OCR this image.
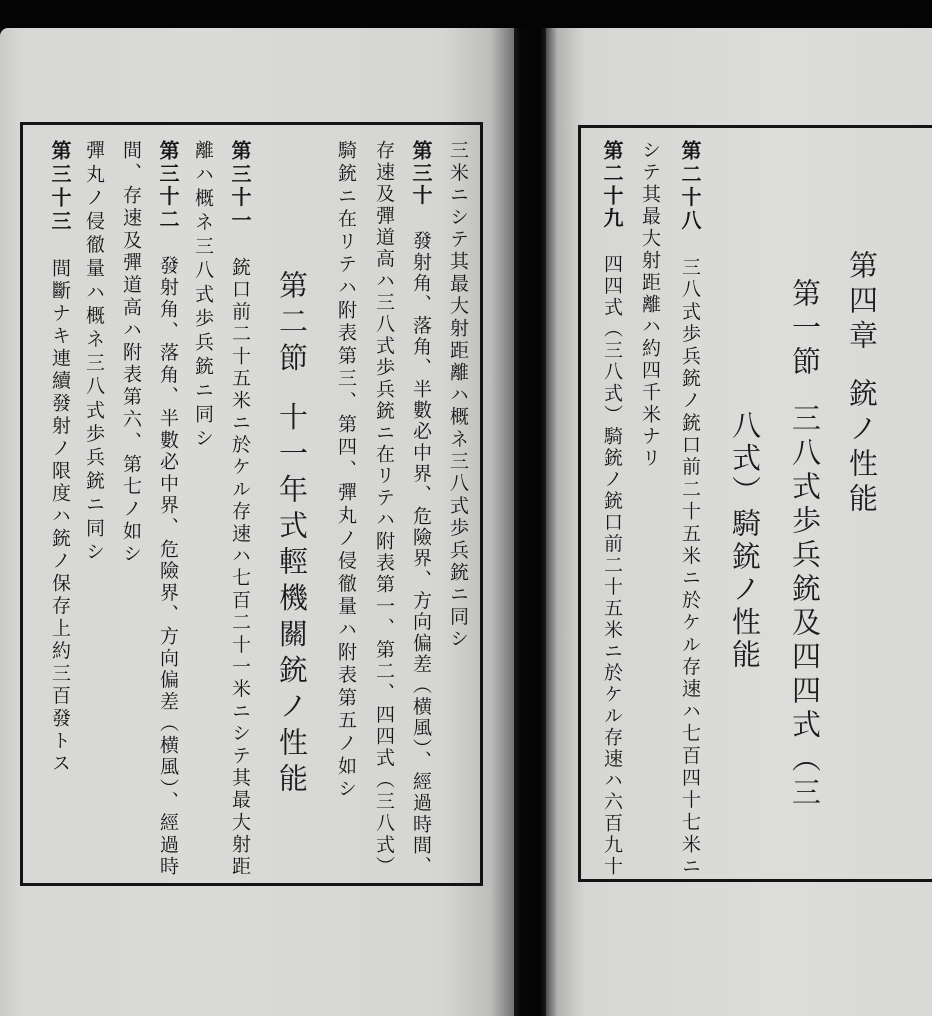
三米ニシテ其最大射距離ハ概ネ三八式歩兵銃ニ同シ
第三十發射角、落角、半數必中界、危險界、方向偏差（横風）、經過時間、
存速及彈道高ハ三八式歩兵銃ニ在リテハ附表第一、第二、四四式（三八式）
騎銃ニ在リテハ附表第三、第四、彈丸ノ侵徹量ハ附表第五ノ如シ
第二節十一年式輕機關銃ノ性能
第三十一銃口前二十五米ニ於ケル存速ハ七百二十一米ニシテ其最大射距
離ハ概ネ三八式歩兵銃ニ同シ
第三十二發射角、落角、半數必中界、危險界、方向偏差（横風）、經過時
間、存速及彈道高ハ附表第六、第七ノ如シ
彈丸ノ侵徹量ハ概ネ三八式歩兵銃ニ同シ
第三十三間斷ナキ連續發射ノ限度ハ銃ノ保存上約三百發トス	第四章銃ノ性能
第一節三八式歩兵銃及四四式（三
八式）騎銃ノ性能
第二十八三八式歩兵銃ノ銃口前二十五米ニ於ケル存速ハ七百四十七米ニ
シテ其最大射距離ハ約四千米ナリ
第二十九四四式（三八式）騎銃ノ銃口前二十五米ニ於ケル存速ハ六百九十
